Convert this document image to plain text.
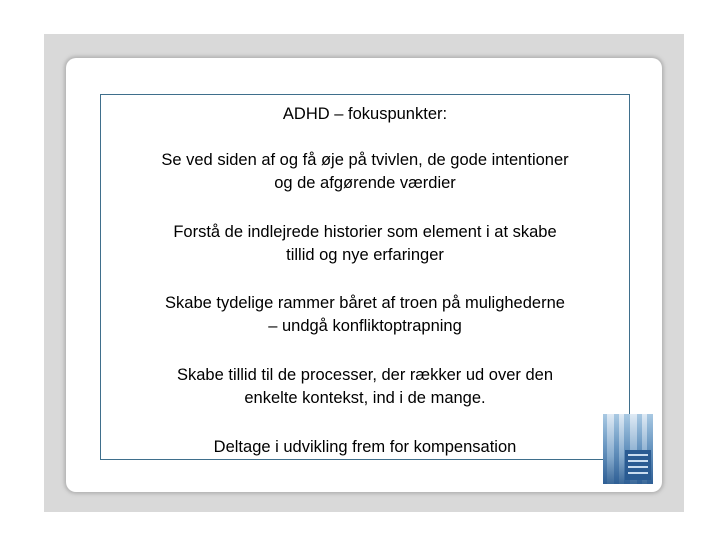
ADHD – fokuspunkter:
Se ved siden af og få øje på tvivlen, de gode intentioner
og de afgørende værdier
Forstå de indlejrede historier som element i at skabe
tillid og nye erfaringer
Skabe tydelige rammer båret af troen på mulighederne
– undgå konfliktoptrapning
Skabe tillid til de processer, der rækker ud over den
enkelte kontekst, ind i de mange.
Deltage i udvikling frem for kompensation
